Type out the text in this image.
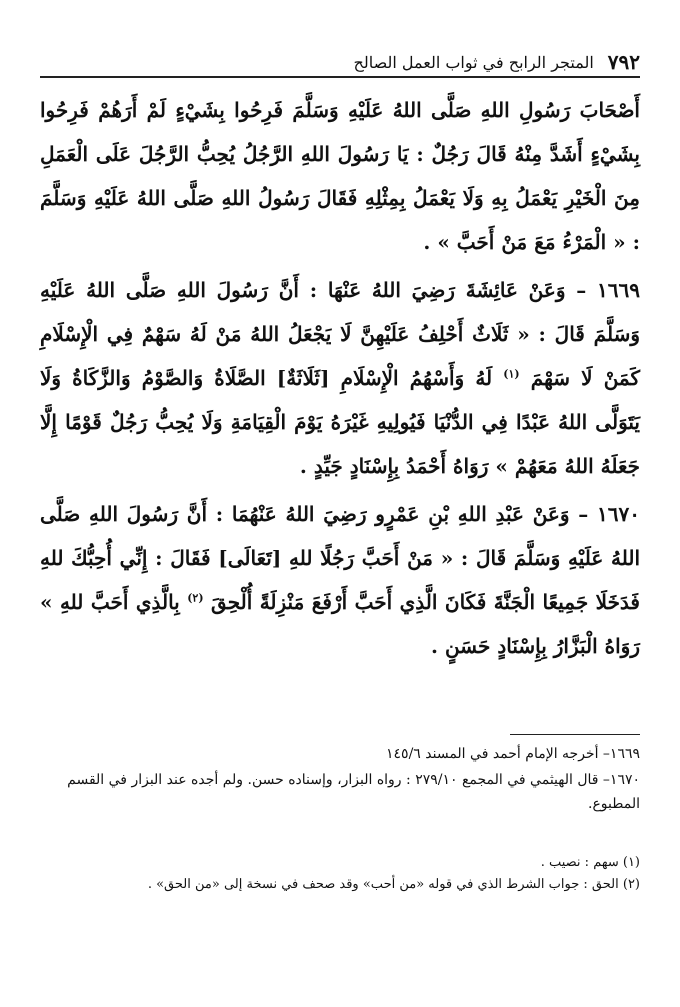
٧٩٢
المتجر الرابح في ثواب العمل الصالح

أَصْحَابَ رَسُولِ اللهِ صَلَّى اللهُ عَلَيْهِ وَسَلَّمَ فَرِحُوا بِشَيْءٍ لَمْ أَرَهُمْ فَرِحُوا بِشَيْءٍ أَشَدَّ مِنْهُ قَالَ رَجُلٌ : يَا رَسُولَ اللهِ الرَّجُلُ يُحِبُّ الرَّجُلَ عَلَى الْعَمَلِ مِنَ الْخَيْرِ يَعْمَلُ بِهِ وَلَا يَعْمَلُ بِمِثْلِهِ فَقَالَ رَسُولُ اللهِ صَلَّى اللهُ عَلَيْهِ وَسَلَّمَ : « الْمَرْءُ مَعَ مَنْ أَحَبَّ » .

١٦٦٩ – وَعَنْ عَائِشَةَ رَضِيَ اللهُ عَنْهَا : أَنَّ رَسُولَ اللهِ صَلَّى اللهُ عَلَيْهِ وَسَلَّمَ قَالَ : « ثَلَاثٌ أَحْلِفُ عَلَيْهِنَّ لَا يَجْعَلُ اللهُ مَنْ لَهُ سَهْمٌ فِي الْإِسْلَامِ كَمَنْ لَا سَهْمَ $^{(١)}$ لَهُ وَأَسْهُمُ الْإِسْلَامِ [ثَلَاثَةٌ] الصَّلَاةُ وَالصَّوْمُ وَالزَّكَاةُ وَلَا يَتَوَلَّى اللهُ عَبْدًا فِي الدُّنْيَا فَيُولِيهِ غَيْرَهُ يَوْمَ الْقِيَامَةِ وَلَا يُحِبُّ رَجُلٌ قَوْمًا إِلَّا جَعَلَهُ اللهُ مَعَهُمْ » رَوَاهُ أَحْمَدُ بِإِسْنَادٍ جَيِّدٍ .

١٦٧٠ – وَعَنْ عَبْدِ اللهِ بْنِ عَمْرٍو رَضِيَ اللهُ عَنْهُمَا : أَنَّ رَسُولَ اللهِ صَلَّى اللهُ عَلَيْهِ وَسَلَّمَ قَالَ : « مَنْ أَحَبَّ رَجُلًا للهِ [تَعَالَى] فَقَالَ : إِنِّي أُحِبُّكَ للهِ فَدَخَلَا جَمِيعًا الْجَنَّةَ فَكَانَ الَّذِي أَحَبَّ أَرْفَعَ مَنْزِلَةً أُلْحِقَ $^{(٢)}$ بِالَّذِي أَحَبَّ للهِ » رَوَاهُ الْبَزَّارُ بِإِسْنَادٍ حَسَنٍ .

١٦٦٩– أخرجه الإمام أحمد في المسند ١٤٥/٦

١٦٧٠– قال الهيثمي في المجمع ٢٧٩/١٠ : رواه البزار، وإسناده حسن. ولم أجده عند البزار في القسم المطبوع.

(١) سهم : نصيب .

(٢) الحق : جواب الشرط الذي في قوله «من أحب» وقد صحف في نسخة إلى «من الحق» .
